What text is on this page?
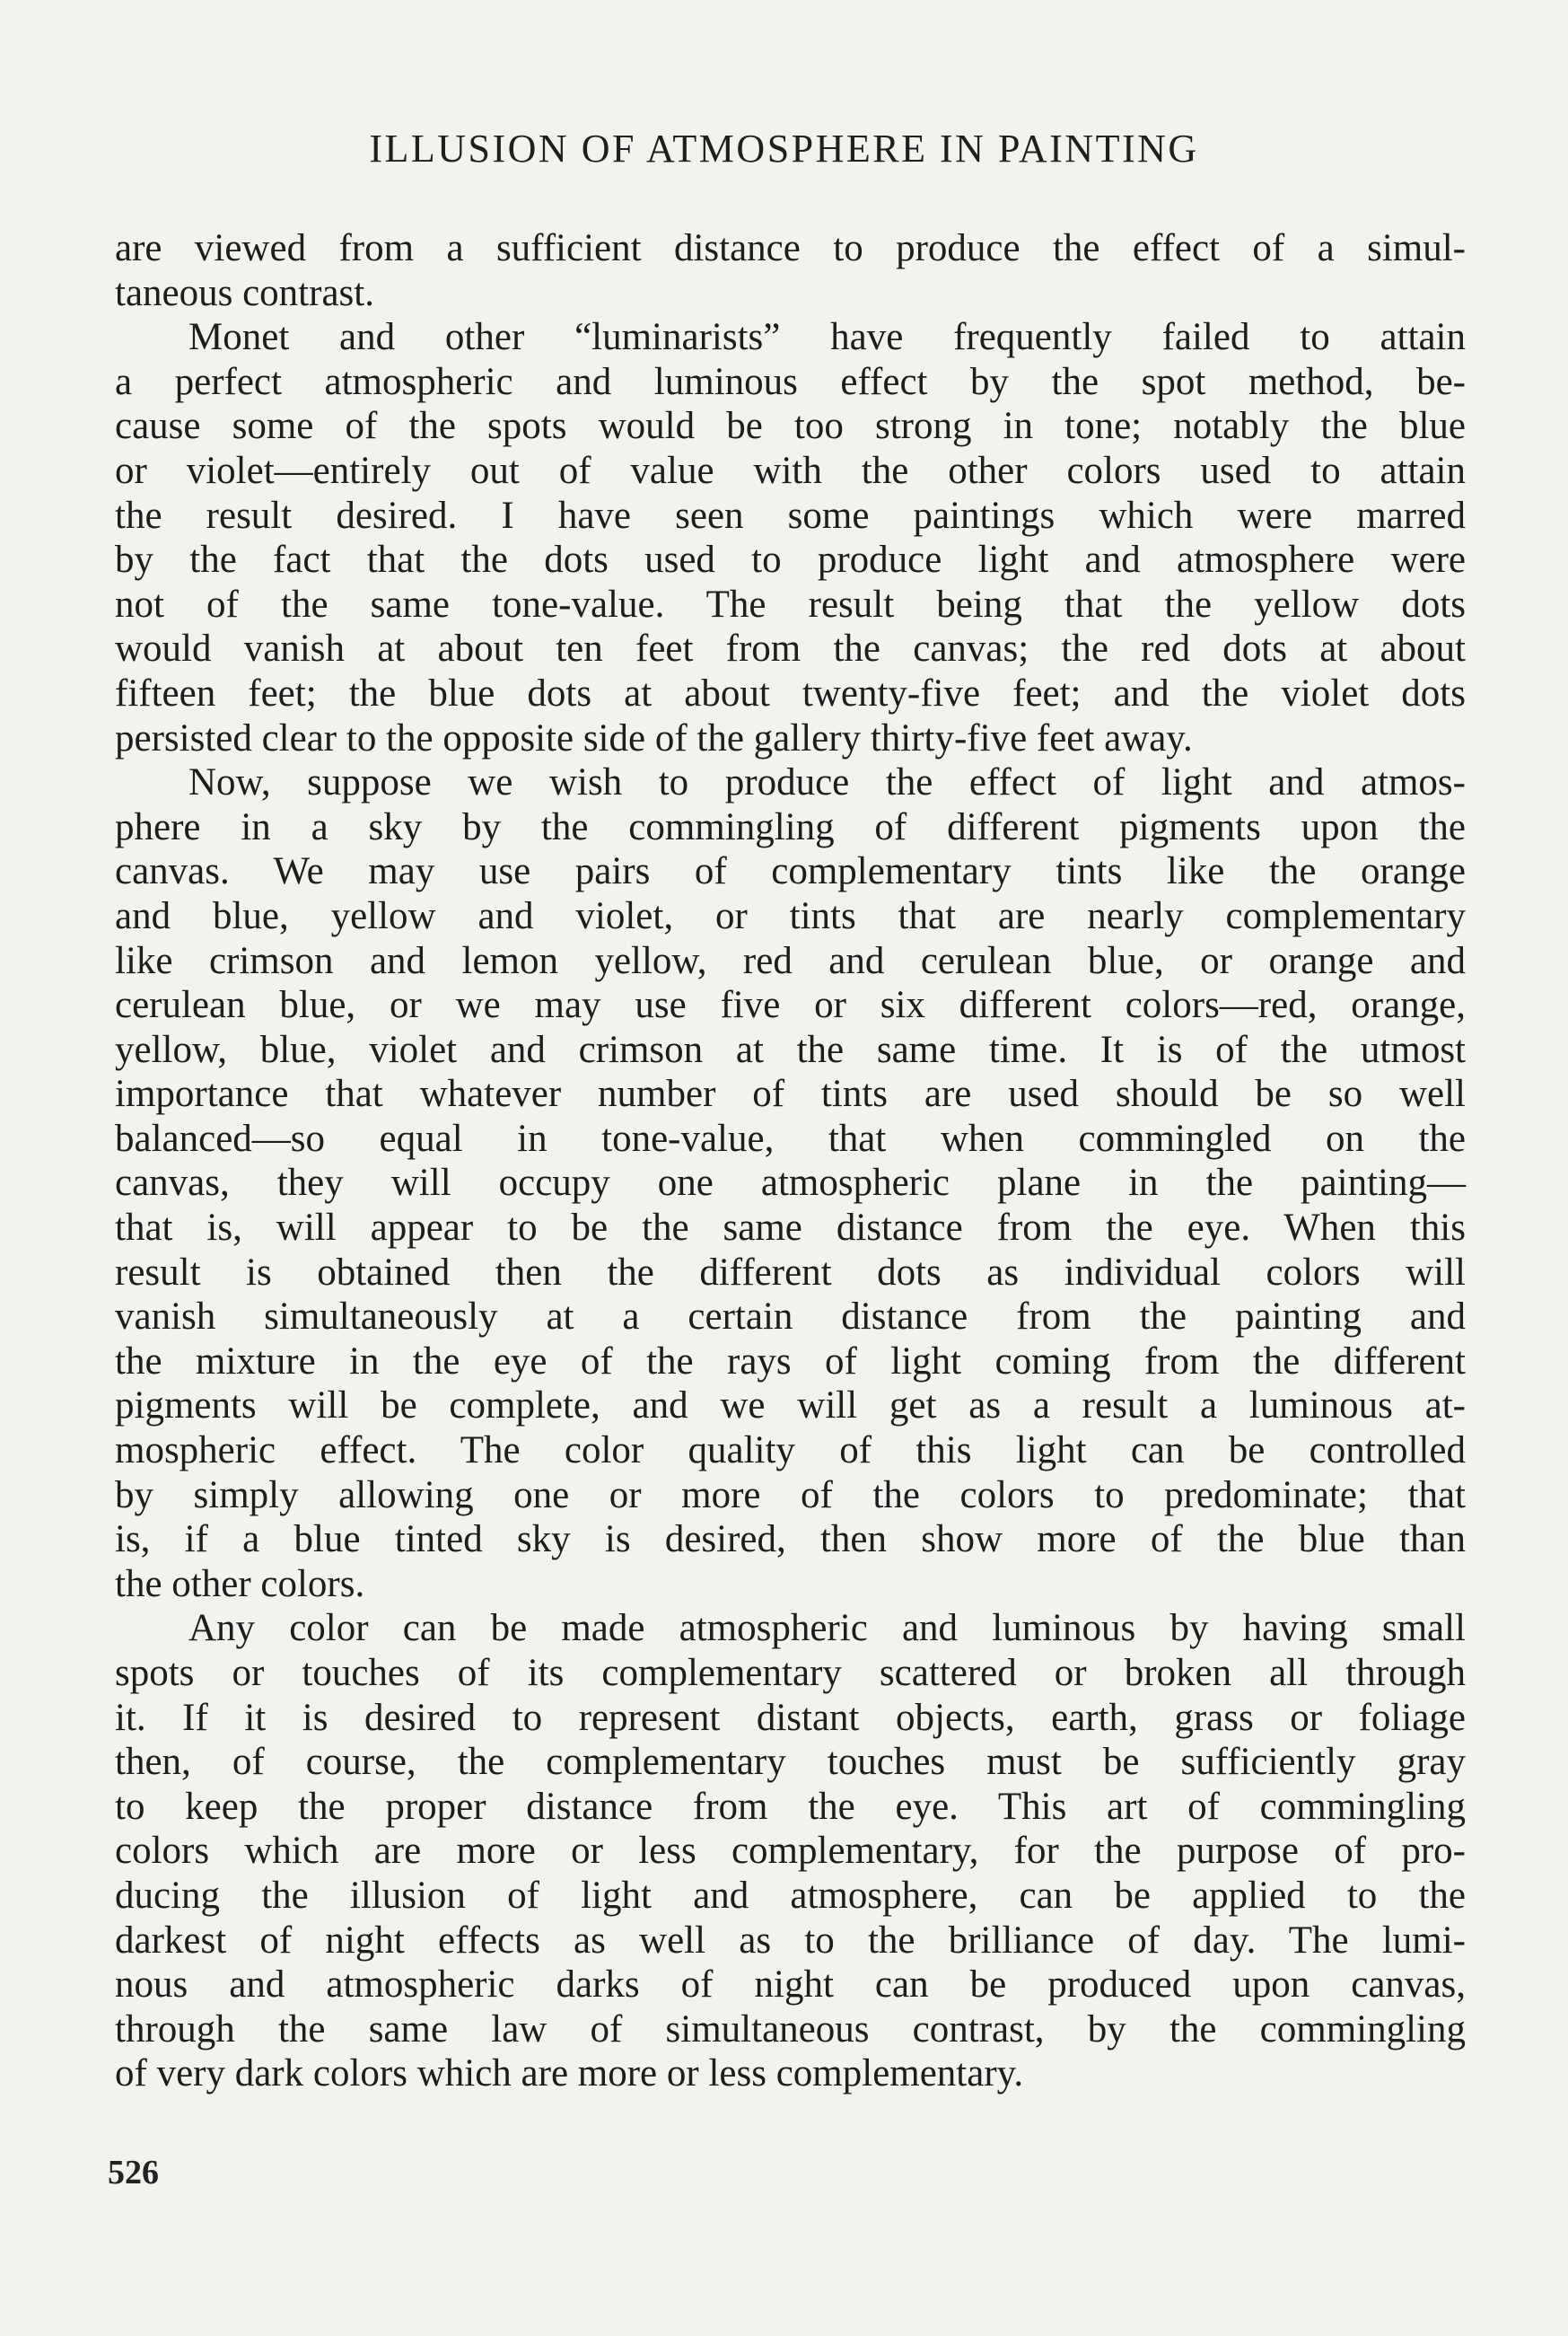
ILLUSION OF ATMOSPHERE IN PAINTING
are viewed from a sufficient distance to produce the effect of a simul-
taneous contrast.
Monet and other “luminarists” have frequently failed to attain
a perfect atmospheric and luminous effect by the spot method, be-
cause some of the spots would be too strong in tone; notably the blue
or violet—entirely out of value with the other colors used to attain
the result desired. I have seen some paintings which were marred
by the fact that the dots used to produce light and atmosphere were
not of the same tone-value. The result being that the yellow dots
would vanish at about ten feet from the canvas; the red dots at about
fifteen feet; the blue dots at about twenty-five feet; and the violet dots
persisted clear to the opposite side of the gallery thirty-five feet away.
Now, suppose we wish to produce the effect of light and atmos-
phere in a sky by the commingling of different pigments upon the
canvas. We may use pairs of complementary tints like the orange
and blue, yellow and violet, or tints that are nearly complementary
like crimson and lemon yellow, red and cerulean blue, or orange and
cerulean blue, or we may use five or six different colors—red, orange,
yellow, blue, violet and crimson at the same time. It is of the utmost
importance that whatever number of tints are used should be so well
balanced—so equal in tone-value, that when commingled on the
canvas, they will occupy one atmospheric plane in the painting—
that is, will appear to be the same distance from the eye. When this
result is obtained then the different dots as individual colors will
vanish simultaneously at a certain distance from the painting and
the mixture in the eye of the rays of light coming from the different
pigments will be complete, and we will get as a result a luminous at-
mospheric effect. The color quality of this light can be controlled
by simply allowing one or more of the colors to predominate; that
is, if a blue tinted sky is desired, then show more of the blue than
the other colors.
Any color can be made atmospheric and luminous by having small
spots or touches of its complementary scattered or broken all through
it. If it is desired to represent distant objects, earth, grass or foliage
then, of course, the complementary touches must be sufficiently gray
to keep the proper distance from the eye. This art of commingling
colors which are more or less complementary, for the purpose of pro-
ducing the illusion of light and atmosphere, can be applied to the
darkest of night effects as well as to the brilliance of day. The lumi-
nous and atmospheric darks of night can be produced upon canvas,
through the same law of simultaneous contrast, by the commingling
of very dark colors which are more or less complementary.
526
